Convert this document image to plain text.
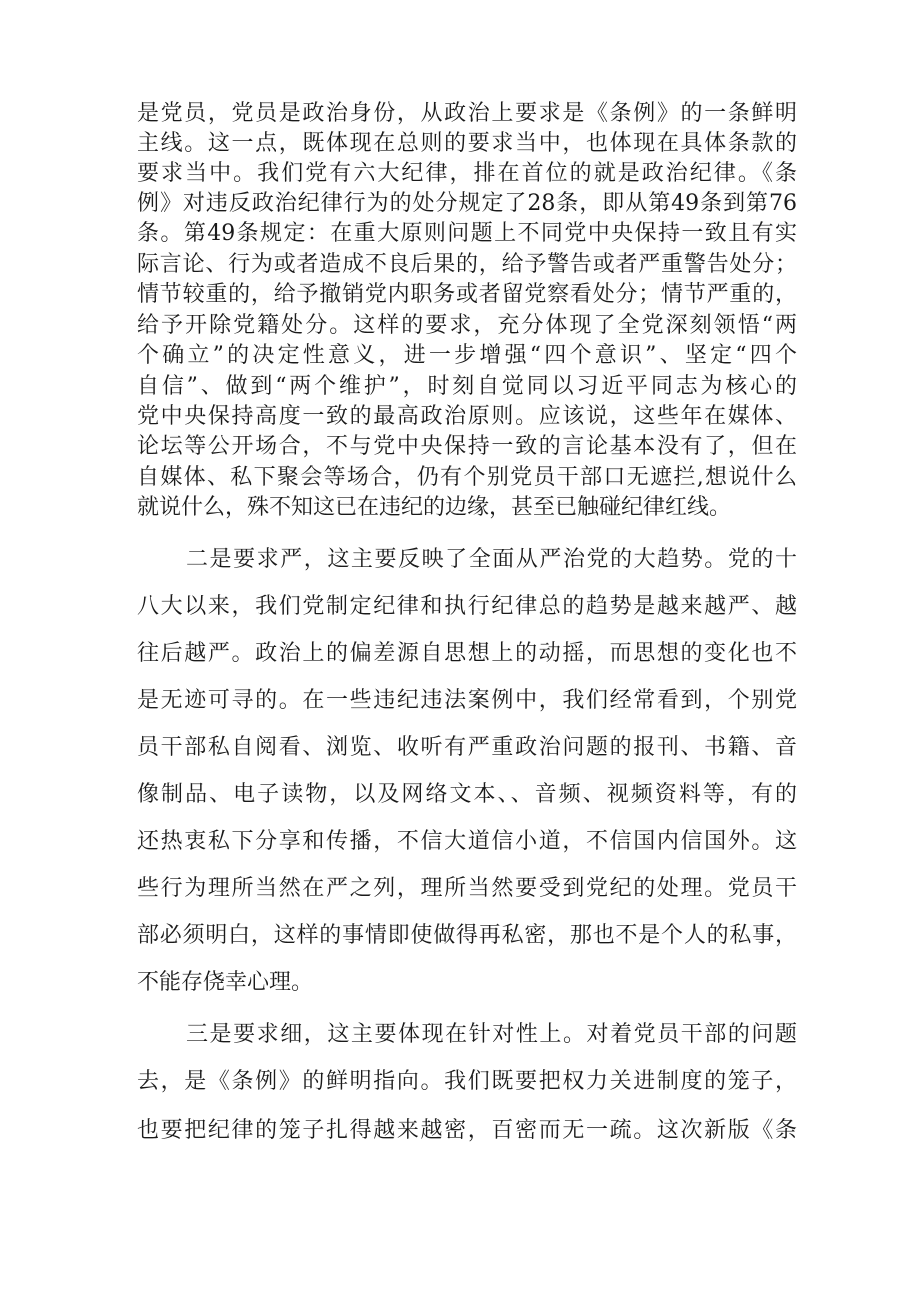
是党员，党员是政治身份，从政治上要求是《条例》的一条鲜明
主线。这一点，既体现在总则的要求当中，也体现在具体条款的
要求当中。我们党有六大纪律，排在首位的就是政治纪律。《条
例》对违反政治纪律行为的处分规定了28条，即从第49条到第76
条。第49条规定：在重大原则问题上不同党中央保持一致且有实
际言论、行为或者造成不良后果的，给予警告或者严重警告处分；
情节较重的，给予撤销党内职务或者留党察看处分；情节严重的，
给予开除党籍处分。这样的要求，充分体现了全党深刻领悟“两
个确立”的决定性意义，进一步增强“四个意识”、坚定“四个
自信”、做到“两个维护”，时刻自觉同以习近平同志为核心的
党中央保持高度一致的最高政治原则。应该说，这些年在媒体、
论坛等公开场合，不与党中央保持一致的言论基本没有了，但在
自媒体、私下聚会等场合，仍有个别党员干部口无遮拦,想说什么
就说什么，殊不知这已在违纪的边缘，甚至已触碰纪律红线。
二是要求严，这主要反映了全面从严治党的大趋势。党的十
八大以来，我们党制定纪律和执行纪律总的趋势是越来越严、越
往后越严。政治上的偏差源自思想上的动摇，而思想的变化也不
是无迹可寻的。在一些违纪违法案例中，我们经常看到，个别党
员干部私自阅看、浏览、收听有严重政治问题的报刊、书籍、音
像制品、电子读物，以及网络文本、、音频、视频资料等，有的
还热衷私下分享和传播，不信大道信小道，不信国内信国外。这
些行为理所当然在严之列，理所当然要受到党纪的处理。党员干
部必须明白，这样的事情即使做得再私密，那也不是个人的私事，
不能存侥幸心理。
三是要求细，这主要体现在针对性上。对着党员干部的问题
去，是《条例》的鲜明指向。我们既要把权力关进制度的笼子，
也要把纪律的笼子扎得越来越密，百密而无一疏。这次新版《条
